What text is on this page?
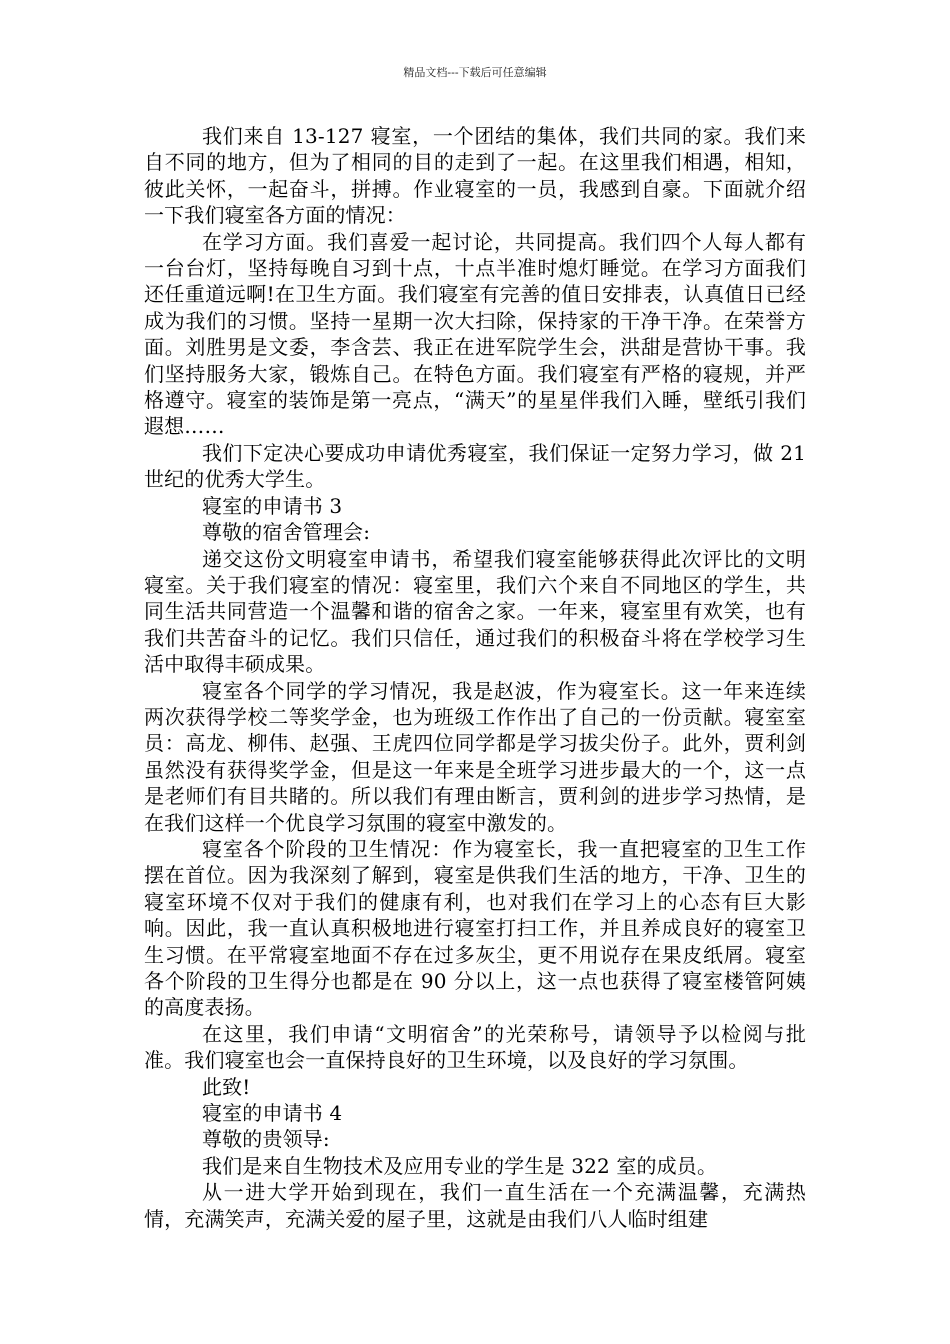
精品文档---下载后可任意编辑

我们来自 13-127 寝室，一个团结的集体，我们共同的家。我们来自不同的地方，但为了相同的目的走到了一起。在这里我们相遇，相知，彼此关怀，一起奋斗，拼搏。作业寝室的一员，我感到自豪。下面就介绍一下我们寝室各方面的情况：

在学习方面。我们喜爱一起讨论，共同提高。我们四个人每人都有一台台灯，坚持每晚自习到十点，十点半准时熄灯睡觉。在学习方面我们还任重道远啊!在卫生方面。我们寝室有完善的值日安排表，认真值日已经成为我们的习惯。坚持一星期一次大扫除，保持家的干净干净。在荣誉方面。刘胜男是文委，李含芸、我正在进军院学生会，洪甜是营协干事。我们坚持服务大家，锻炼自己。在特色方面。我们寝室有严格的寝规，并严格遵守。寝室的装饰是第一亮点，“满天”的星星伴我们入睡，壁纸引我们遐想……

我们下定决心要成功申请优秀寝室，我们保证一定努力学习，做 21 世纪的优秀大学生。

寝室的申请书 3

尊敬的宿舍管理会:

递交这份文明寝室申请书，希望我们寝室能够获得此次评比的文明寝室。关于我们寝室的情况：寝室里，我们六个来自不同地区的学生，共同生活共同营造一个温馨和谐的宿舍之家。一年来，寝室里有欢笑，也有我们共苦奋斗的记忆。我们只信任，通过我们的积极奋斗将在学校学习生活中取得丰硕成果。

寝室各个同学的学习情况，我是赵波，作为寝室长。这一年来连续两次获得学校二等奖学金，也为班级工作作出了自己的一份贡献。寝室室员：高龙、柳伟、赵强、王虎四位同学都是学习拔尖份子。此外，贾利剑虽然没有获得奖学金，但是这一年来是全班学习进步最大的一个，这一点是老师们有目共睹的。所以我们有理由断言，贾利剑的进步学习热情，是在我们这样一个优良学习氛围的寝室中激发的。

寝室各个阶段的卫生情况：作为寝室长，我一直把寝室的卫生工作摆在首位。因为我深刻了解到，寝室是供我们生活的地方，干净、卫生的寝室环境不仅对于我们的健康有利，也对我们在学习上的心态有巨大影响。因此，我一直认真积极地进行寝室打扫工作，并且养成良好的寝室卫生习惯。在平常寝室地面不存在过多灰尘，更不用说存在果皮纸屑。寝室各个阶段的卫生得分也都是在 90 分以上，这一点也获得了寝室楼管阿姨的高度表扬。

在这里，我们申请“文明宿舍”的光荣称号，请领导予以检阅与批准。我们寝室也会一直保持良好的卫生环境，以及良好的学习氛围。

此致!

寝室的申请书 4

尊敬的贵领导:

我们是来自生物技术及应用专业的学生是 322 室的成员。

从一进大学开始到现在，我们一直生活在一个充满温馨，充满热情，充满笑声，充满关爱的屋子里，这就是由我们八人临时组建
